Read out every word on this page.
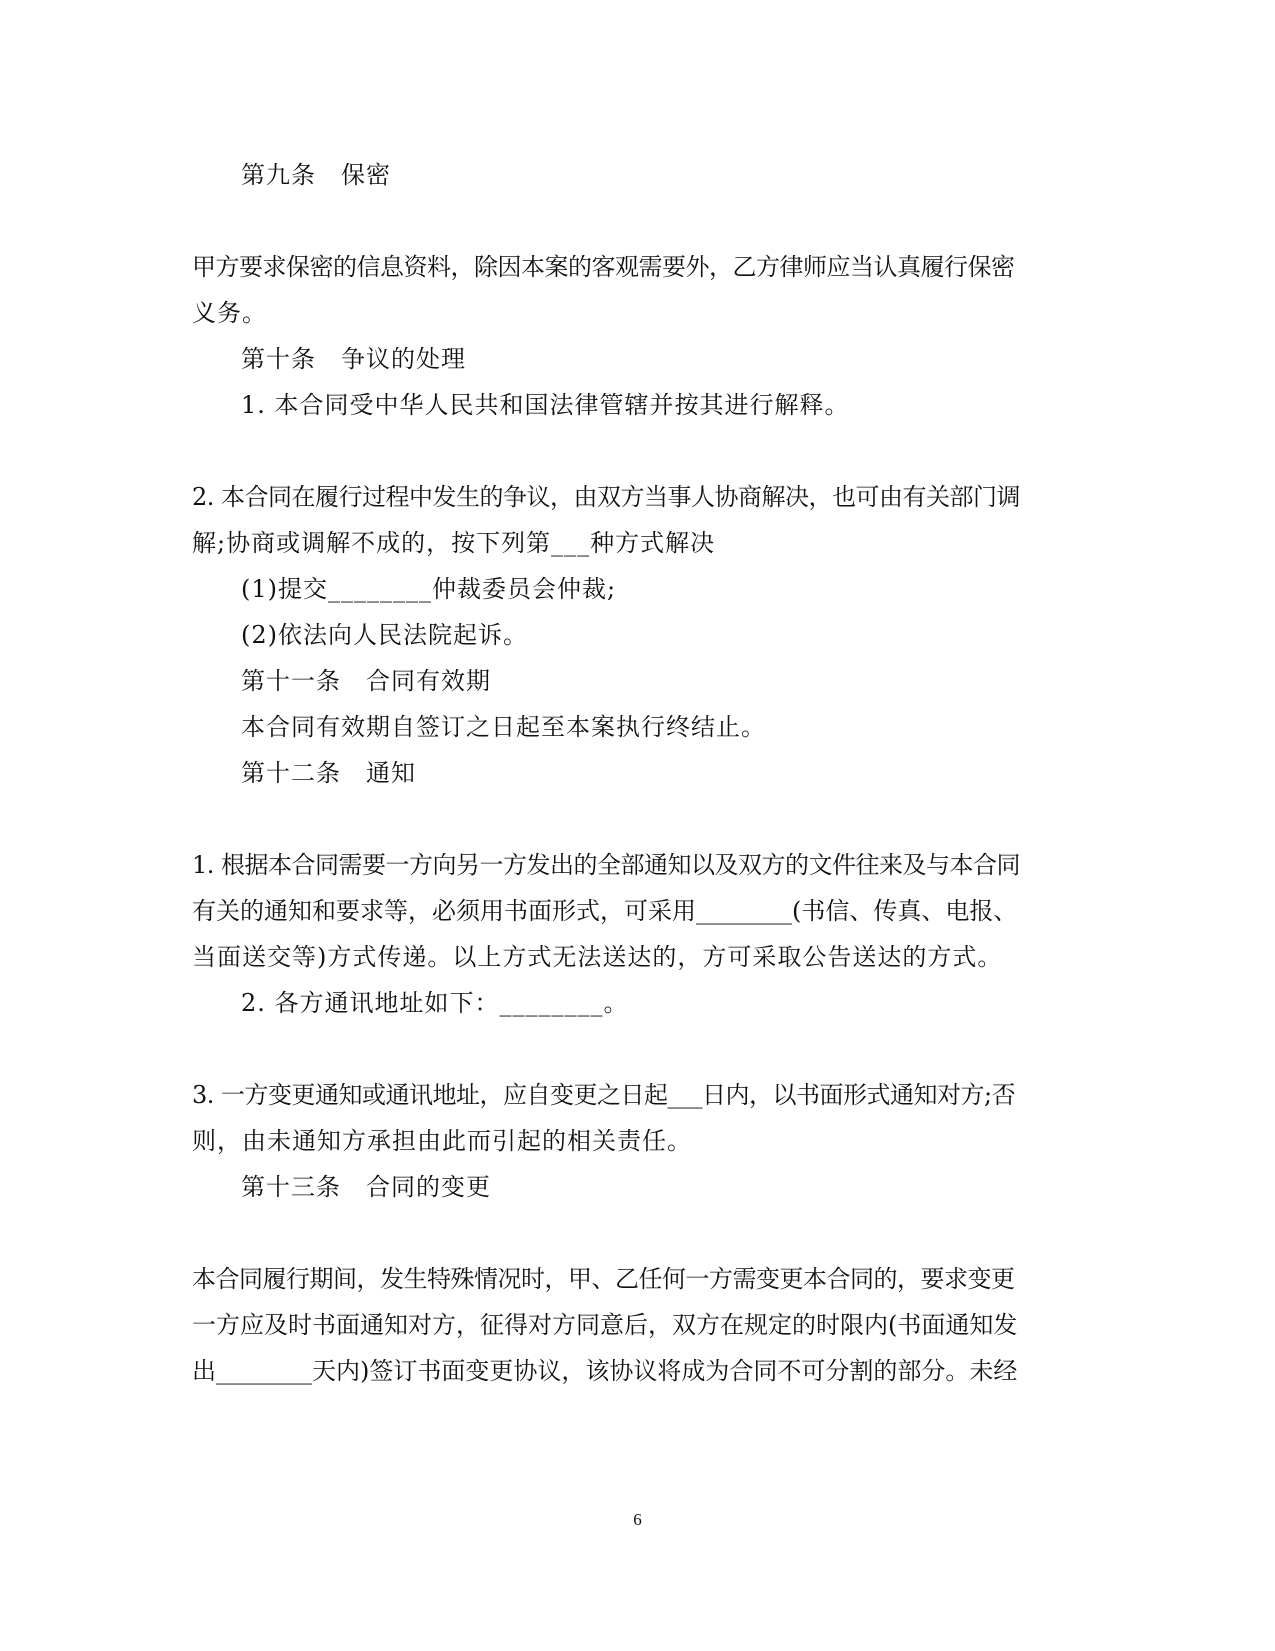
第九条　保密
甲方要求保密的信息资料，除因本案的客观需要外，乙方律师应当认真履行保密
义务。
第十条　争议的处理
1. 本合同受中华人民共和国法律管辖并按其进行解释。
2. 本合同在履行过程中发生的争议，由双方当事人协商解决，也可由有关部门调
解;协商或调解不成的，按下列第___种方式解决
(1)提交________仲裁委员会仲裁;
(2)依法向人民法院起诉。
第十一条　合同有效期
本合同有效期自签订之日起至本案执行终结止。
第十二条　通知
1. 根据本合同需要一方向另一方发出的全部通知以及双方的文件往来及与本合同
有关的通知和要求等，必须用书面形式，可采用________(书信、传真、电报、
当面送交等)方式传递。以上方式无法送达的，方可采取公告送达的方式。
2. 各方通讯地址如下：________。
3. 一方变更通知或通讯地址，应自变更之日起___日内，以书面形式通知对方;否
则，由未通知方承担由此而引起的相关责任。
第十三条　合同的变更
本合同履行期间，发生特殊情况时，甲、乙任何一方需变更本合同的，要求变更
一方应及时书面通知对方，征得对方同意后，双方在规定的时限内(书面通知发
出________天内)签订书面变更协议，该协议将成为合同不可分割的部分。未经
6
